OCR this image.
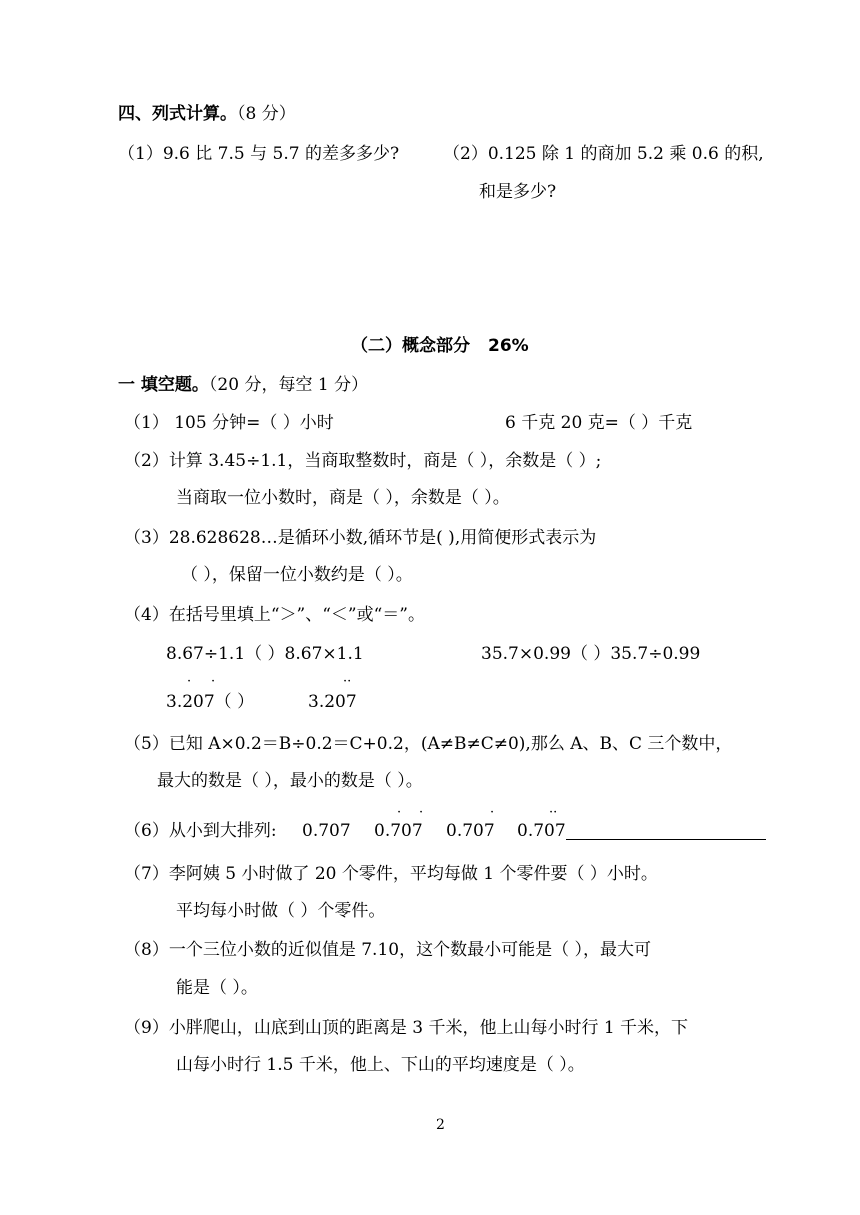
四、列式计算。（8 分）
（1）9.6 比 7.5 与 5.7 的差多多少?	（2）0.125 除 1 的商加 5.2 乘 0.6 的积,
和是多少?
（二）概念部分 26%
一 填空题。（20 分，每空 1 分）
（1） 105 分钟=（ ）小时	6 千克 20 克=（ ）千克
（2）计算 3.45÷1.1，当商取整数时，商是（ ），余数是（ ）;
当商取一位小数时，商是（ ），余数是（ ）。
（3）28.628628…是循环小数,循环节是( ),用简便形式表示为
（ ），保留一位小数约是（ ）。
（4）在括号里填上“＞”、“＜”或“＝”。
8.67÷1.1（ ）8.67×1.1	35.7×0.99（ ）35.7÷0.99
· ·	··
3.207（ ）	3.207
（5）已知 A×0.2＝B÷0.2＝C+0.2，(A≠B≠C≠0),那么 A、B、C 三个数中，
最大的数是（ ），最小的数是（ ）。
（6）从小到大排列: 0.707
· ·
0.707
·
0.707
··
0.707
（7）李阿姨 5 小时做了 20 个零件，平均每做 1 个零件要（ ）小时。
平均每小时做（ ）个零件。
（8）一个三位小数的近似值是 7.10，这个数最小可能是（ ），最大可
能是（ ）。
（9）小胖爬山，山底到山顶的距离是 3 千米，他上山每小时行 1 千米，下
山每小时行 1.5 千米，他上、下山的平均速度是（ ）。
2
